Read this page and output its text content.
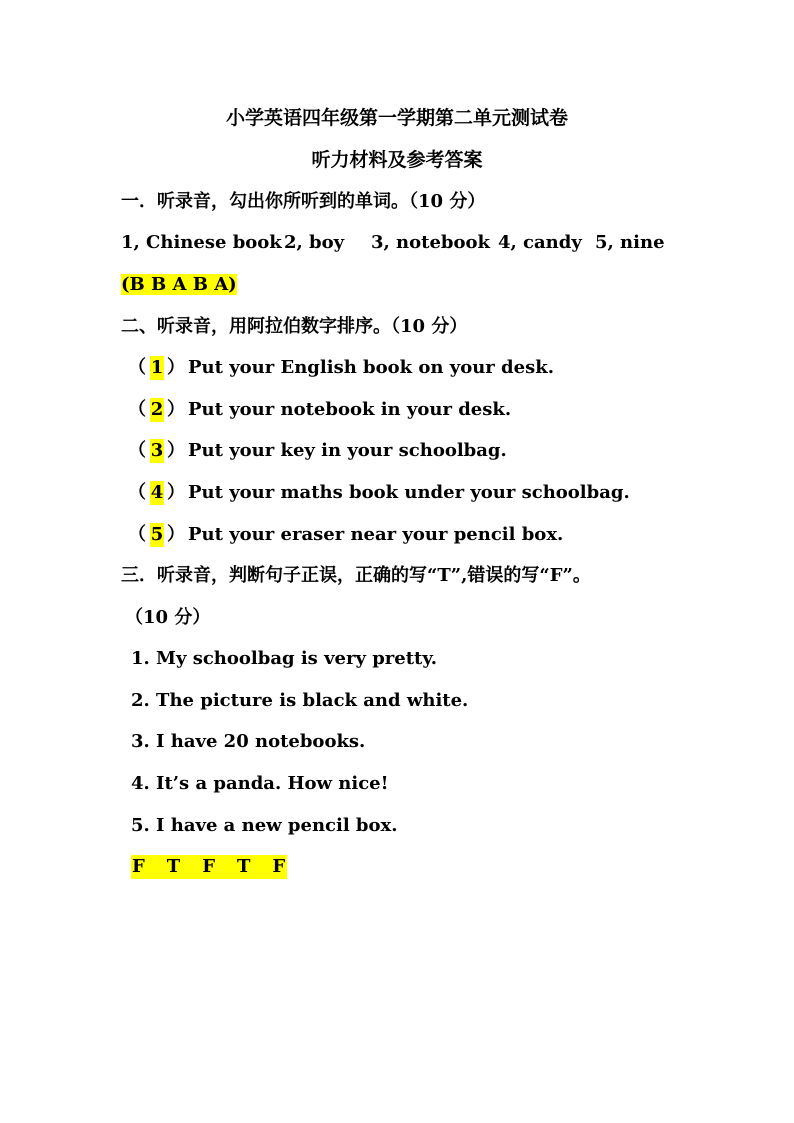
小学英语四年级第一学期第二单元测试卷
听力材料及参考答案
一．听录音，勾出你所听到的单词。（10 分）
1, Chinese book 2, boy 3, notebook 4, candy 5, nine
(B B A B A)
二、听录音，用阿拉伯数字排序。（10 分）
（ 1 ） Put your English book on your desk.
（ 2 ） Put your notebook in your desk.
（ 3 ） Put your key in your schoolbag.
（ 4 ） Put your maths book under your schoolbag.
（ 5 ） Put your eraser near your pencil box.
三．听录音，判断句子正误，正确的写“T”,错误的写“F”。
（10 分）
1. My schoolbag is very pretty.
2. The picture is black and white.
3. I have 20 notebooks.
4. It’s a panda. How nice!
5. I have a new pencil box.
F T F T F
